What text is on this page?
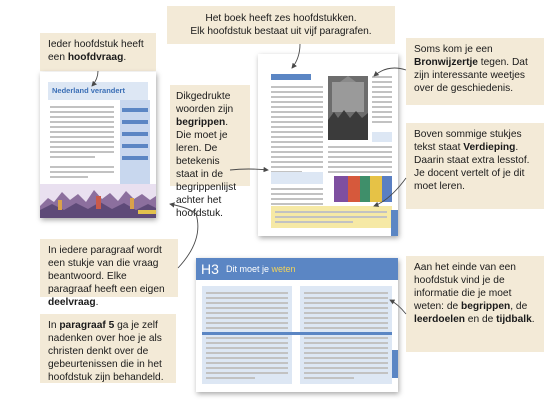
Het boek heeft zes hoofdstukken.
Elk hoofdstuk bestaat uit vijf paragrafen.
Ieder hoofdstuk heeft een hoofdvraag.
Dikgedrukte woorden zijn begrippen. Die moet je leren. De betekenis staat in de begrippenlijst achter het hoofdstuk.
Soms kom je een Bronwijzertje tegen. Dat zijn interessante weetjes over de geschiedenis.
Boven sommige stukjes tekst staat Verdieping. Daarin staat extra lesstof. Je docent vertelt of je dit moet leren.
In iedere paragraaf wordt een stukje van die vraag beantwoord. Elke paragraaf heeft een eigen deelvraag.
In paragraaf 5 ga je zelf nadenken over hoe je als christen denkt over de gebeurtenissen die in het hoofdstuk zijn behandeld.
Aan het einde van een hoofdstuk vind je de informatie die je moet weten: de begrippen, de leerdoelen en de tijdbalk.
Nederland verandert
H3 Dit moet je weten
